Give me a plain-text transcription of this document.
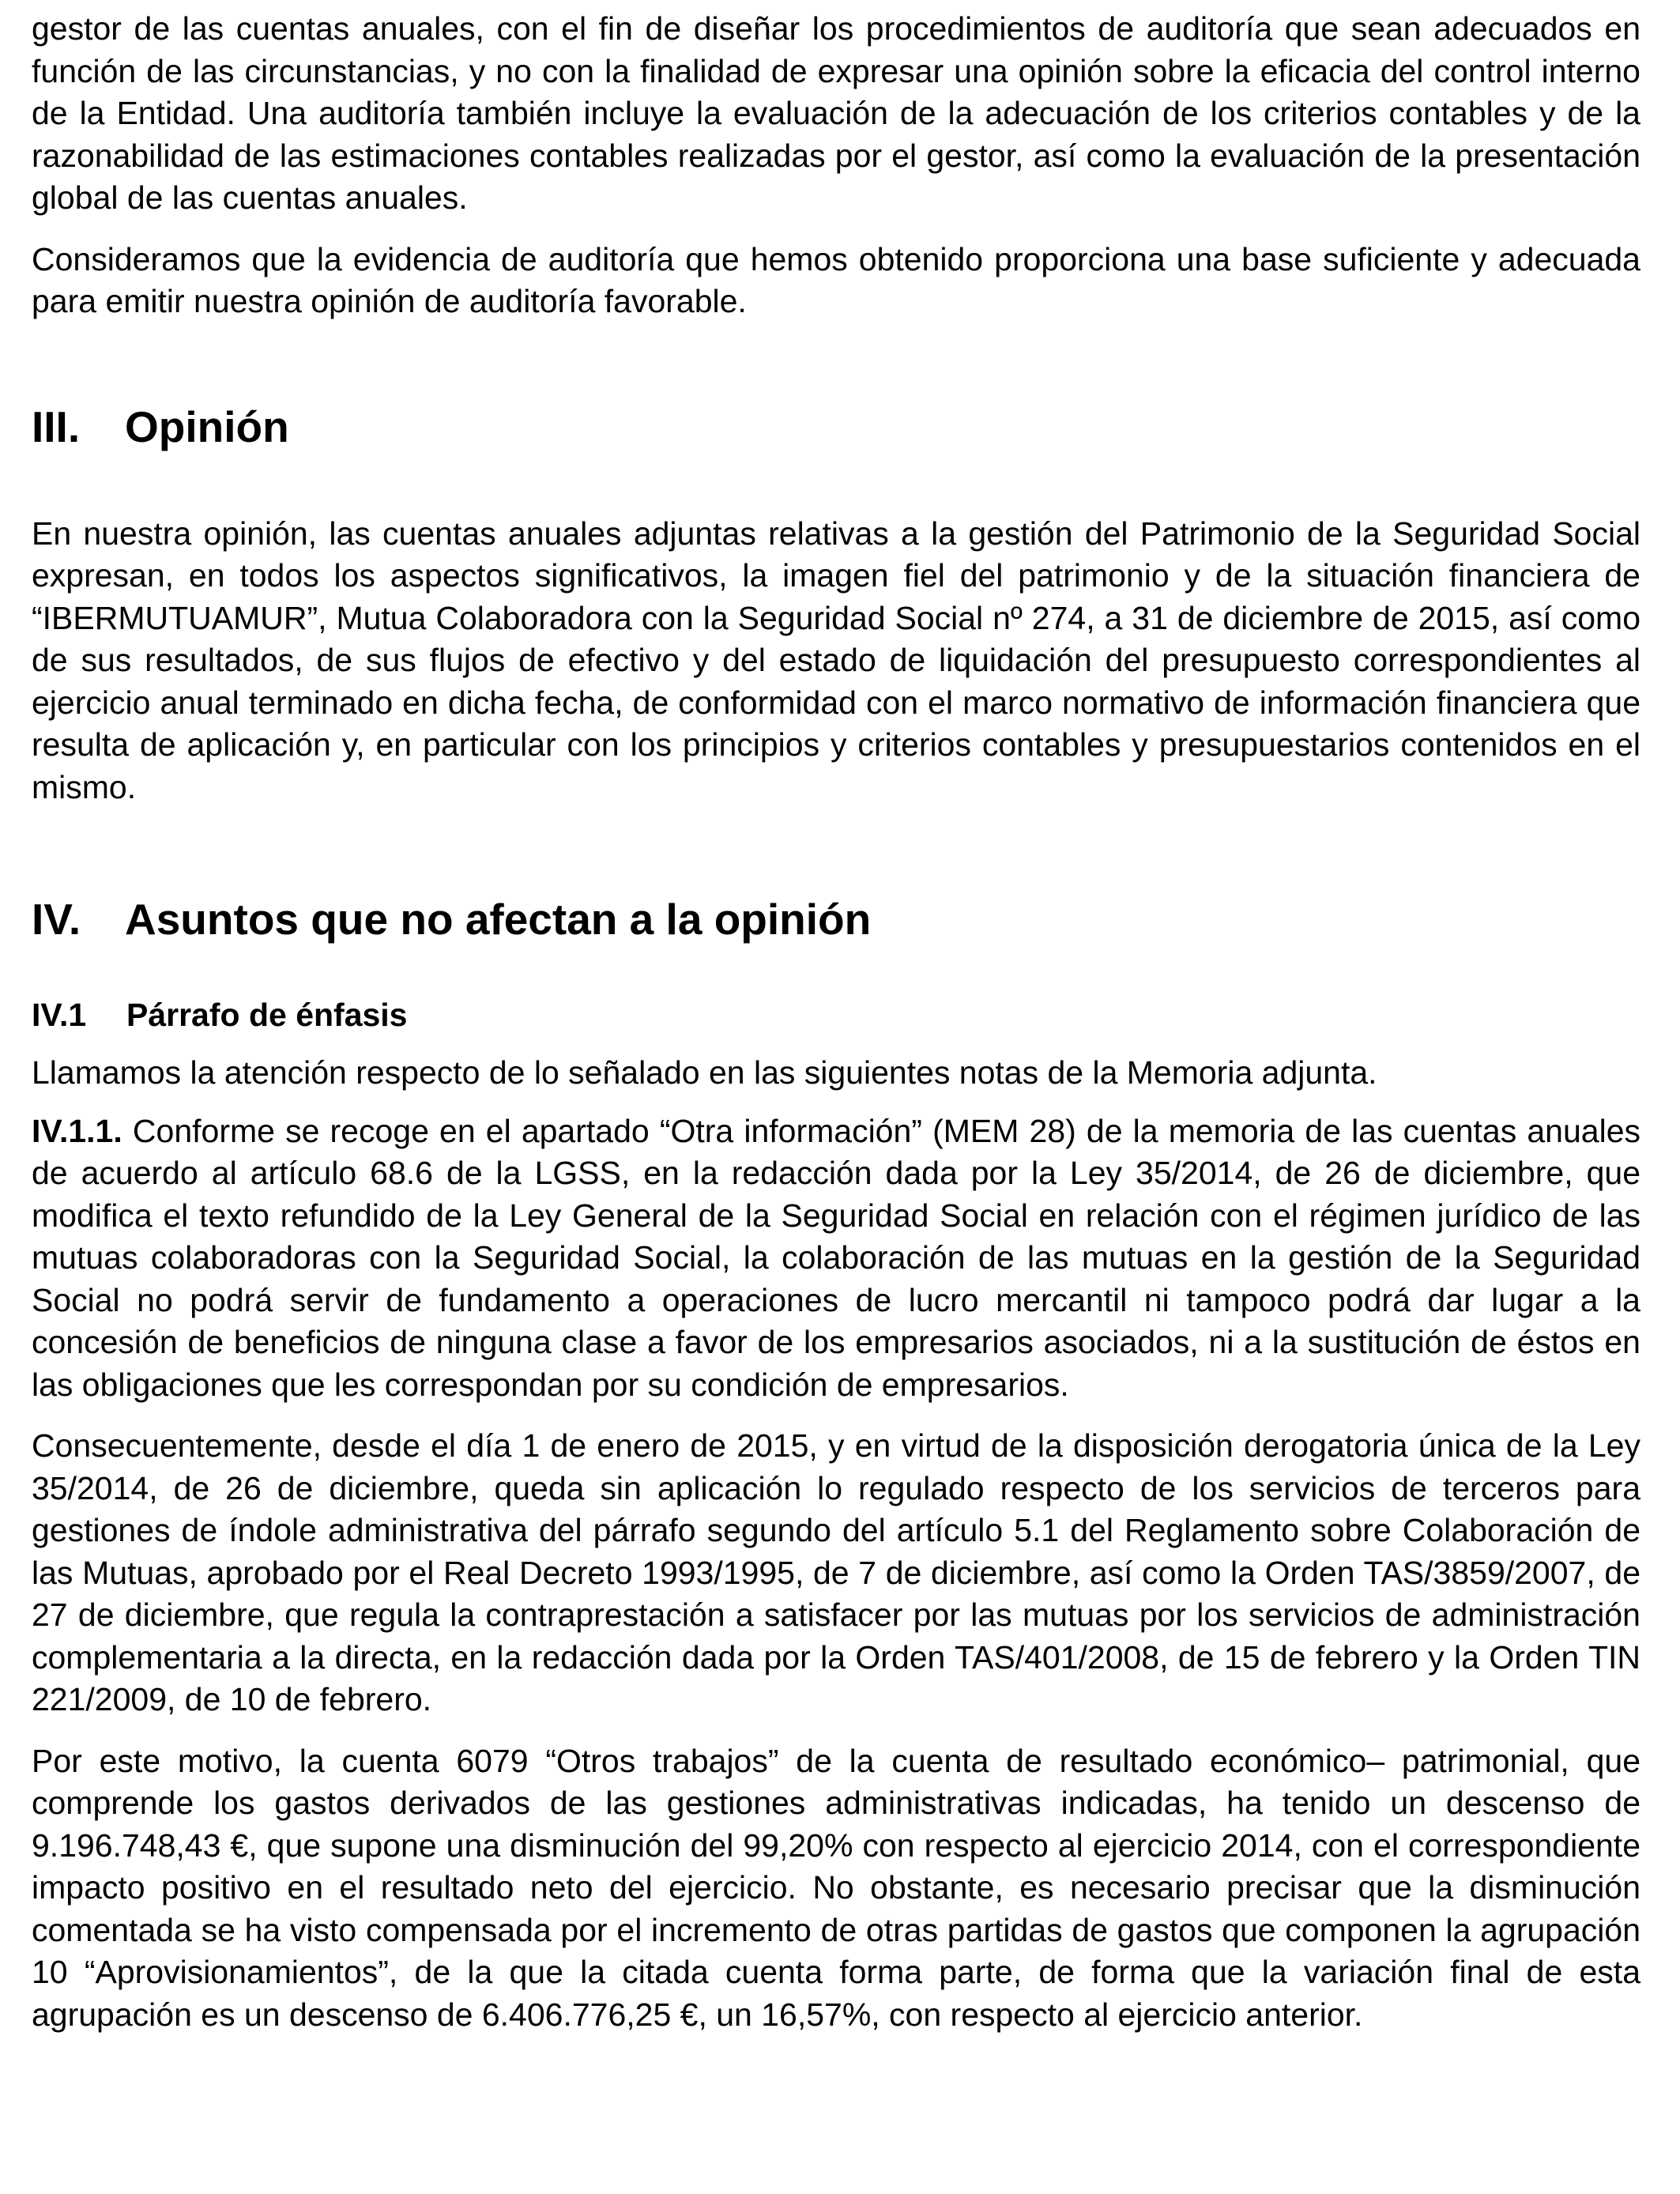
gestor de las cuentas anuales, con el fin de diseñar los procedimientos de auditoría que sean adecuados en función de las circunstancias, y no con la finalidad de expresar una opinión sobre la eficacia del control interno de la Entidad. Una auditoría también incluye la evaluación de la adecuación de los criterios contables y de la razonabilidad de las estimaciones contables realizadas por el gestor, así como la evaluación de la presentación global de las cuentas anuales.

Consideramos que la evidencia de auditoría que hemos obtenido proporciona una base suficiente y adecuada para emitir nuestra opinión de auditoría favorable.

III.	Opinión

En nuestra opinión, las cuentas anuales adjuntas relativas a la gestión del Patrimonio de la Seguridad Social expresan, en todos los aspectos significativos, la imagen fiel del patrimonio y de la situación financiera de “IBERMUTUAMUR”, Mutua Colaboradora con la Seguridad Social nº 274, a 31 de diciembre de 2015, así como de sus resultados, de sus flujos de efectivo y del estado de liquidación del presupuesto correspondientes al ejercicio anual terminado en dicha fecha, de conformidad con el marco normativo de información financiera que resulta de aplicación y, en particular con los principios y criterios contables y presupuestarios contenidos en el mismo.

IV.	Asuntos que no afectan a la opinión
IV.1	Párrafo de énfasis

Llamamos la atención respecto de lo señalado en las siguientes notas de la Memoria adjunta.

IV.1.1. Conforme se recoge en el apartado “Otra información” (MEM 28) de la memoria de las cuentas anuales de acuerdo al artículo 68.6 de la LGSS, en la redacción dada por la Ley 35/2014, de 26 de diciembre, que modifica el texto refundido de la Ley General de la Seguridad Social en relación con el régimen jurídico de las mutuas colaboradoras con la Seguridad Social, la colaboración de las mutuas en la gestión de la Seguridad Social no podrá servir de fundamento a operaciones de lucro mercantil ni tampoco podrá dar lugar a la concesión de beneficios de ninguna clase a favor de los empresarios asociados, ni a la sustitución de éstos en las obligaciones que les correspondan por su condición de empresarios.

Consecuentemente, desde el día 1 de enero de 2015, y en virtud de la disposición derogatoria única de la Ley 35/2014, de 26 de diciembre, queda sin aplicación lo regulado respecto de los servicios de terceros para gestiones de índole administrativa del párrafo segundo del artículo 5.1 del Reglamento sobre Colaboración de las Mutuas, aprobado por el Real Decreto 1993/1995, de 7 de diciembre, así como la Orden TAS/3859/2007, de 27 de diciembre, que regula la contraprestación a satisfacer por las mutuas por los servicios de administración complementaria a la directa, en la redacción dada por la Orden TAS/401/2008, de 15 de febrero y la Orden TIN 221/2009, de 10 de febrero.

Por este motivo, la cuenta 6079 “Otros trabajos” de la cuenta de resultado económico– patrimonial, que comprende los gastos derivados de las gestiones administrativas indicadas, ha tenido un descenso de 9.196.748,43 €, que supone una disminución del 99,20% con respecto al ejercicio 2014, con el correspondiente impacto positivo en el resultado neto del ejercicio. No obstante, es necesario precisar que la disminución comentada se ha visto compensada por el incremento de otras partidas de gastos que componen la agrupación 10 “Aprovisionamientos”, de la que la citada cuenta forma parte, de forma que la variación final de esta agrupación es un descenso de 6.406.776,25 €, un 16,57%, con respecto al ejercicio anterior.
